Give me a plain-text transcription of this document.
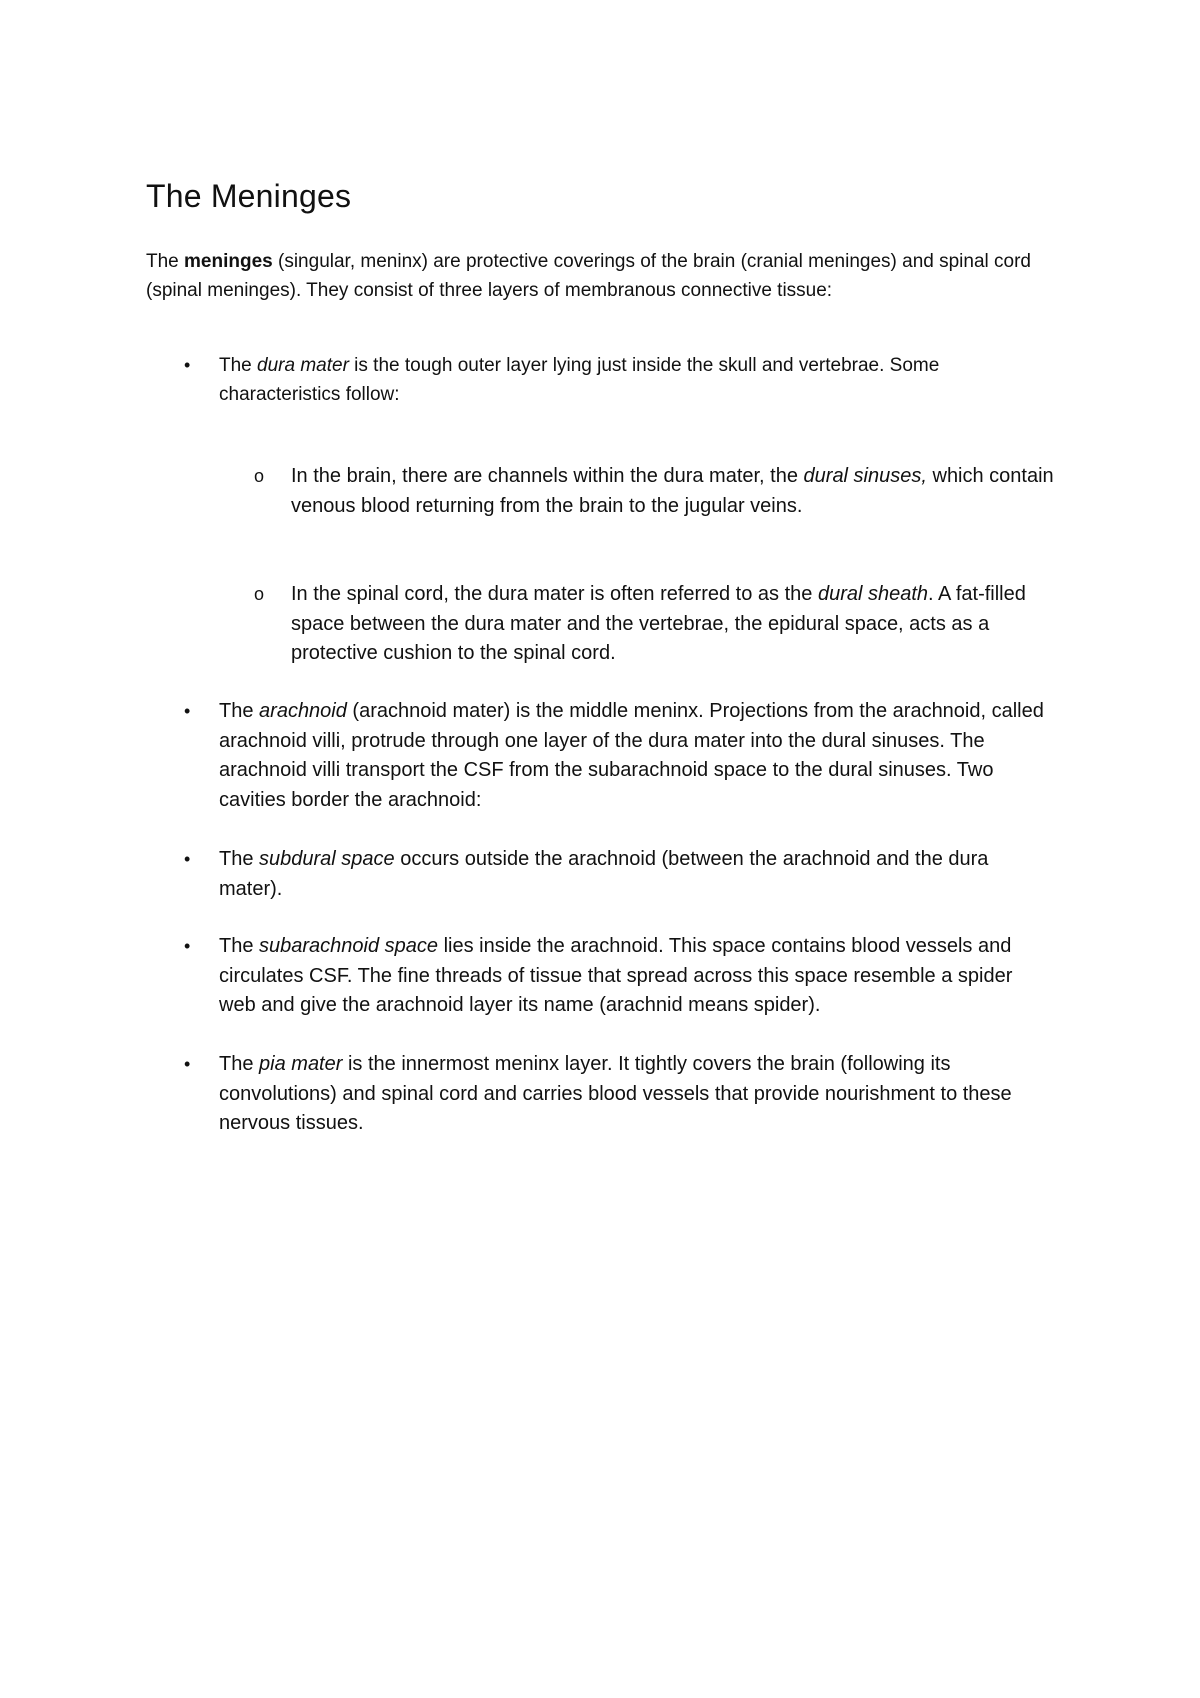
The Meninges

The meninges (singular, meninx) are protective coverings of the brain (cranial meninges) and spinal cord (spinal meninges). They consist of three layers of membranous connective tissue:

• The dura mater is the tough outer layer lying just inside the skull and vertebrae. Some characteristics follow:

o In the brain, there are channels within the dura mater, the dural sinuses, which contain venous blood returning from the brain to the jugular veins.

o In the spinal cord, the dura mater is often referred to as the dural sheath. A fat-filled space between the dura mater and the vertebrae, the epidural space, acts as a protective cushion to the spinal cord.

• The arachnoid (arachnoid mater) is the middle meninx. Projections from the arachnoid, called arachnoid villi, protrude through one layer of the dura mater into the dural sinuses. The arachnoid villi transport the CSF from the subarachnoid space to the dural sinuses. Two cavities border the arachnoid:

• The subdural space occurs outside the arachnoid (between the arachnoid and the dura mater).

• The subarachnoid space lies inside the arachnoid. This space contains blood vessels and circulates CSF. The fine threads of tissue that spread across this space resemble a spider web and give the arachnoid layer its name (arachnid means spider).

• The pia mater is the innermost meninx layer. It tightly covers the brain (following its convolutions) and spinal cord and carries blood vessels that provide nourishment to these nervous tissues.
